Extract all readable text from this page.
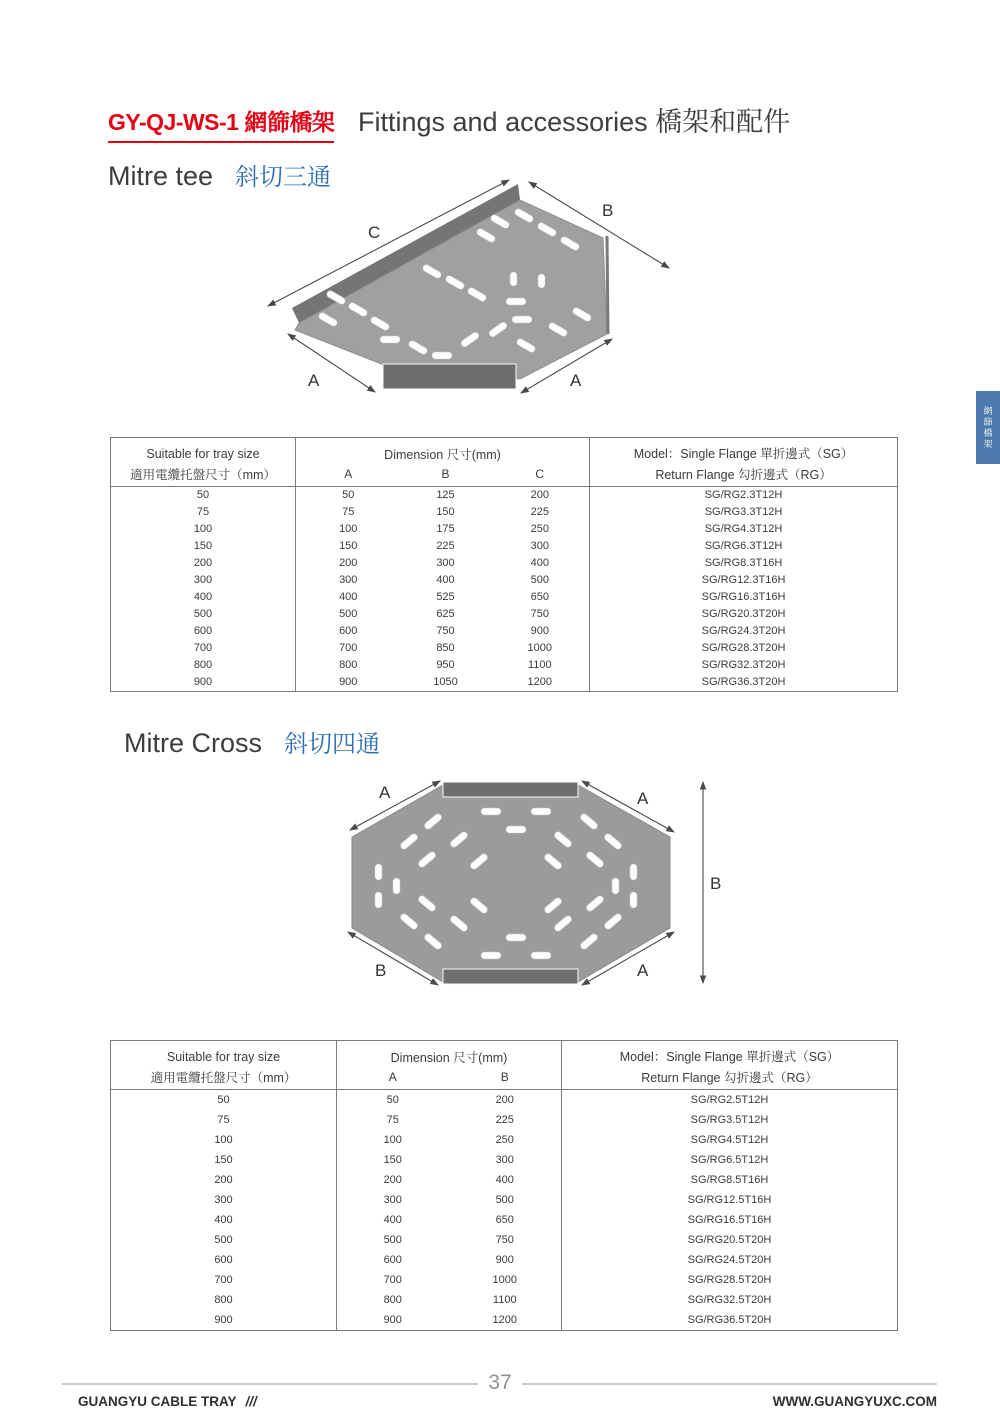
GY-QJ-WS-1 網篩橋架 Fittings and accessories 橋架和配件
Mitre tee 斜切三通
C
B
A	A
Suitable for tray size
適用電纜托盤尺寸（mm）
	Dimension 尺寸(mm)	Model：Single Flange 單折邊式（SG）
Return Flange 勾折邊式（RG）

	A	B	C	
50	50	125	200	SG/RG2.3T12H
75	75	150	225	SG/RG3.3T12H
100	100	175	250	SG/RG4.3T12H
150	150	225	300	SG/RG6.3T12H
200	200	300	400	SG/RG8.3T16H
300	300	400	500	SG/RG12.3T16H
400	400	525	650	SG/RG16.3T16H
500	500	625	750	SG/RG20.3T20H
600	600	750	900	SG/RG24.3T20H
700	700	850	1000	SG/RG28.3T20H
800	800	950	1100	SG/RG32.3T20H
900	900	1050	1200	SG/RG36.3T20H
Mitre Cross 斜切四通
A	A
B	A
B
Suitable for tray size
適用電纜托盤尺寸（mm）
	Dimension 尺寸(mm)	Model：Single Flange 單折邊式（SG）
Return Flange 勾折邊式（RG）

	A	B	
50	50	200	SG/RG2.5T12H
75	75	225	SG/RG3.5T12H
100	100	250	SG/RG4.5T12H
150	150	300	SG/RG6.5T12H
200	200	400	SG/RG8.5T16H
300	300	500	SG/RG12.5T16H
400	400	650	SG/RG16.5T16H
500	500	750	SG/RG20.5T20H
600	600	900	SG/RG24.5T20H
700	700	1000	SG/RG28.5T20H
800	800	1100	SG/RG32.5T20H
900	900	1200	SG/RG36.5T20H
網篩橋架
37
GUANGYU CABLE TRAY ///	WWW.GUANGYUXC.COM
